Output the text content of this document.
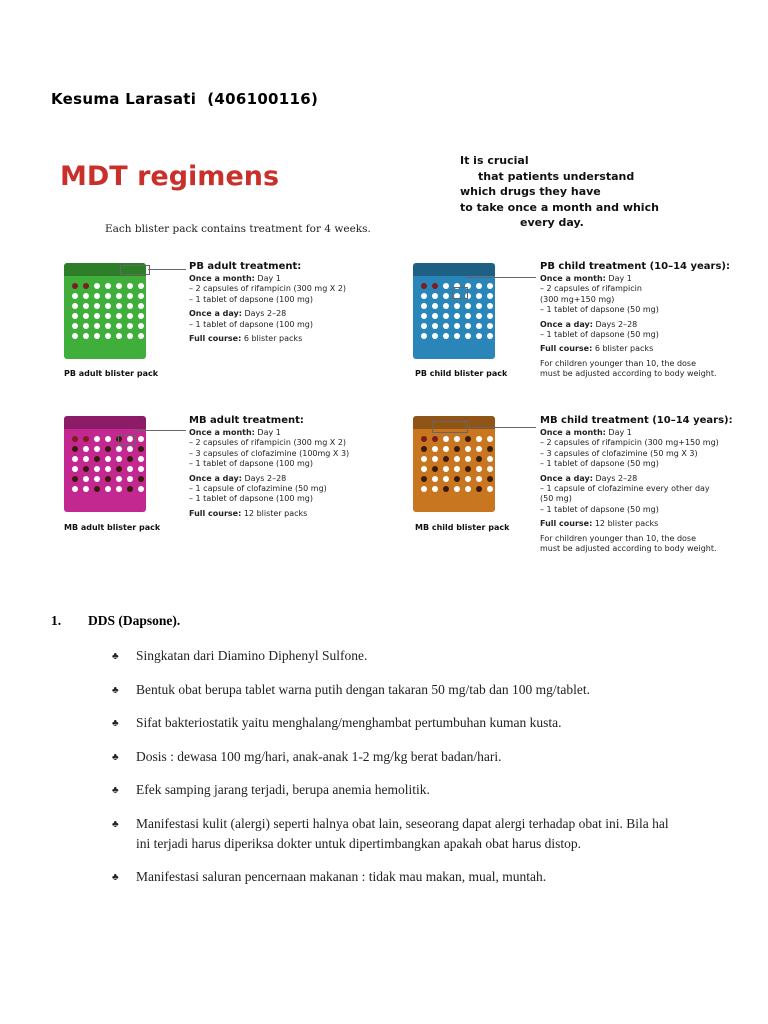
Kesuma Larasati  (406100116)
MDT regimens
Each blister pack contains treatment for 4 weeks.
It is crucial
that patients understand
which drugs they have
to take once a month and which
every day.
PB adult blister pack
PB adult treatment:
Once a month: Day 1
– 2 capsules of rifampicin (300 mg X 2)
– 1 tablet of dapsone (100 mg)
Once a day: Days 2–28
– 1 tablet of dapsone (100 mg)
Full course: 6 blister packs
PB child blister pack
PB child treatment (10–14 years):
Once a month: Day 1
– 2 capsules of rifampicin
(300 mg+150 mg)
– 1 tablet of dapsone (50 mg)
Once a day: Days 2–28
– 1 tablet of dapsone (50 mg)
Full course: 6 blister packs
For children younger than 10, the dose
must be adjusted according to body weight.
MB adult blister pack
MB adult treatment:
Once a month: Day 1
– 2 capsules of rifampicin (300 mg X 2)
– 3 capsules of clofazimine (100mg X 3)
– 1 tablet of dapsone (100 mg)
Once a day: Days 2–28
– 1 capsule of clofazimine (50 mg)
– 1 tablet of dapsone (100 mg)
Full course: 12 blister packs
MB child blister pack
MB child treatment (10–14 years):
Once a month: Day 1
– 2 capsules of rifampicin (300 mg+150 mg)
– 3 capsules of clofazimine (50 mg X 3)
– 1 tablet of dapsone (50 mg)
Once a day: Days 2–28
– 1 capsule of clofazimine every other day
(50 mg)
– 1 tablet of dapsone (50 mg)
Full course: 12 blister packs
For children younger than 10, the dose
must be adjusted according to body weight.
1. DDS (Dapsone).
♣	Singkatan dari Diamino Diphenyl Sulfone.
♣	Bentuk obat berupa tablet warna putih dengan takaran 50 mg/tab dan 100 mg/tablet.
♣	Sifat bakteriostatik yaitu menghalang/menghambat pertumbuhan kuman kusta.
♣	Dosis : dewasa 100 mg/hari, anak-anak 1-2 mg/kg berat badan/hari.
♣	Efek samping jarang terjadi, berupa anemia hemolitik.
♣	Manifestasi kulit (alergi) seperti halnya obat lain, seseorang dapat alergi terhadap obat ini. Bila hal ini terjadi harus diperiksa dokter untuk dipertimbangkan apakah obat harus distop.
♣	Manifestasi saluran pencernaan makanan : tidak mau makan, mual, muntah.
